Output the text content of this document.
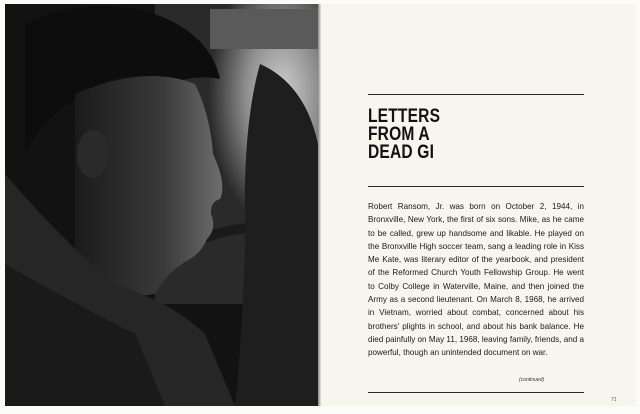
LETTERS
FROM A
DEAD GI

Robert Ransom, Jr. was born on October 2, 1944, in Bronxville, New York, the first of six sons. Mike, as he came to be called, grew up handsome and likable. He played on the Bronxville High soccer team, sang a leading role in Kiss Me Kate, was literary editor of the yearbook, and president of the Reformed Church Youth Fellowship Group. He went to Colby College in Waterville, Maine, and then joined the Army as a second lieutenant. On March 8, 1968, he arrived in Vietnam, worried about combat, concerned about his brothers' plights in school, and about his bank balance. He died painfully on May 11, 1968, leaving family, friends, and a powerful, though an unintended document on war.

(continued)
71
